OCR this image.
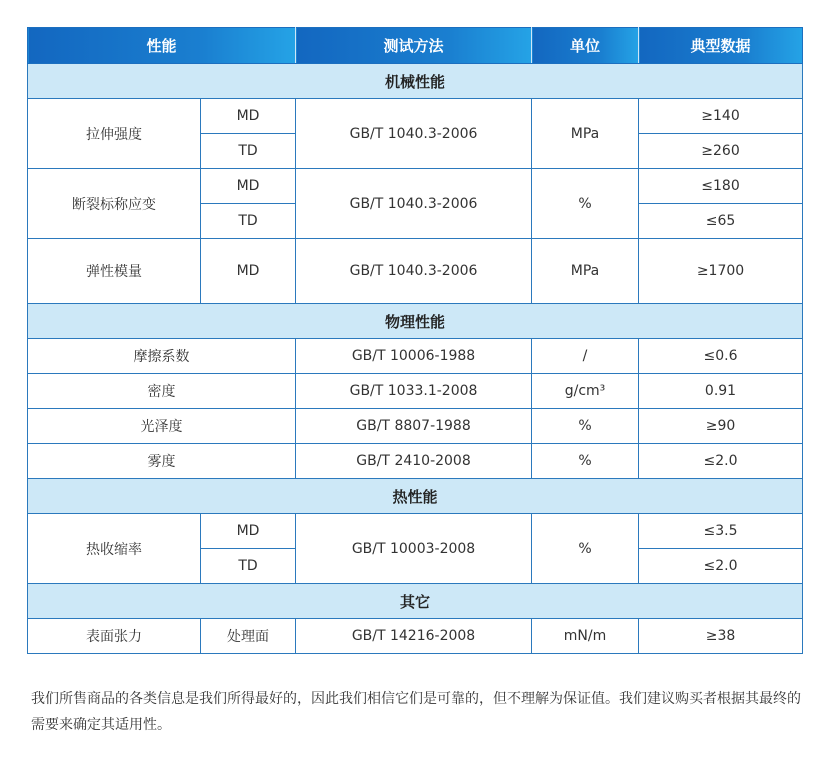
性能		测试方法	单位	典型数据
机械性能				
拉伸强度	MD	GB/T 1040.3-2006	MPa	≥140
	TD			≥260
断裂标称应变	MD	GB/T 1040.3-2006	%	≤180
	TD			≤65
弹性模量	MD	GB/T 1040.3-2006	MPa	≥1700
物理性能				
摩擦系数		GB/T 10006-1988	/	≤0.6
密度		GB/T 1033.1-2008	g/cm³	0.91
光泽度		GB/T 8807-1988	%	≥90
雾度		GB/T 2410-2008	%	≤2.0
热性能				
热收缩率	MD	GB/T 10003-2008	%	≤3.5
	TD			≤2.0
其它				
表面张力	处理面	GB/T 14216-2008	mN/m	≥38

我们所售商品的各类信息是我们所得最好的，因此我们相信它们是可靠的，但不理解为保证值。我们建议购买者根据其最终的需要来确定其适用性。
